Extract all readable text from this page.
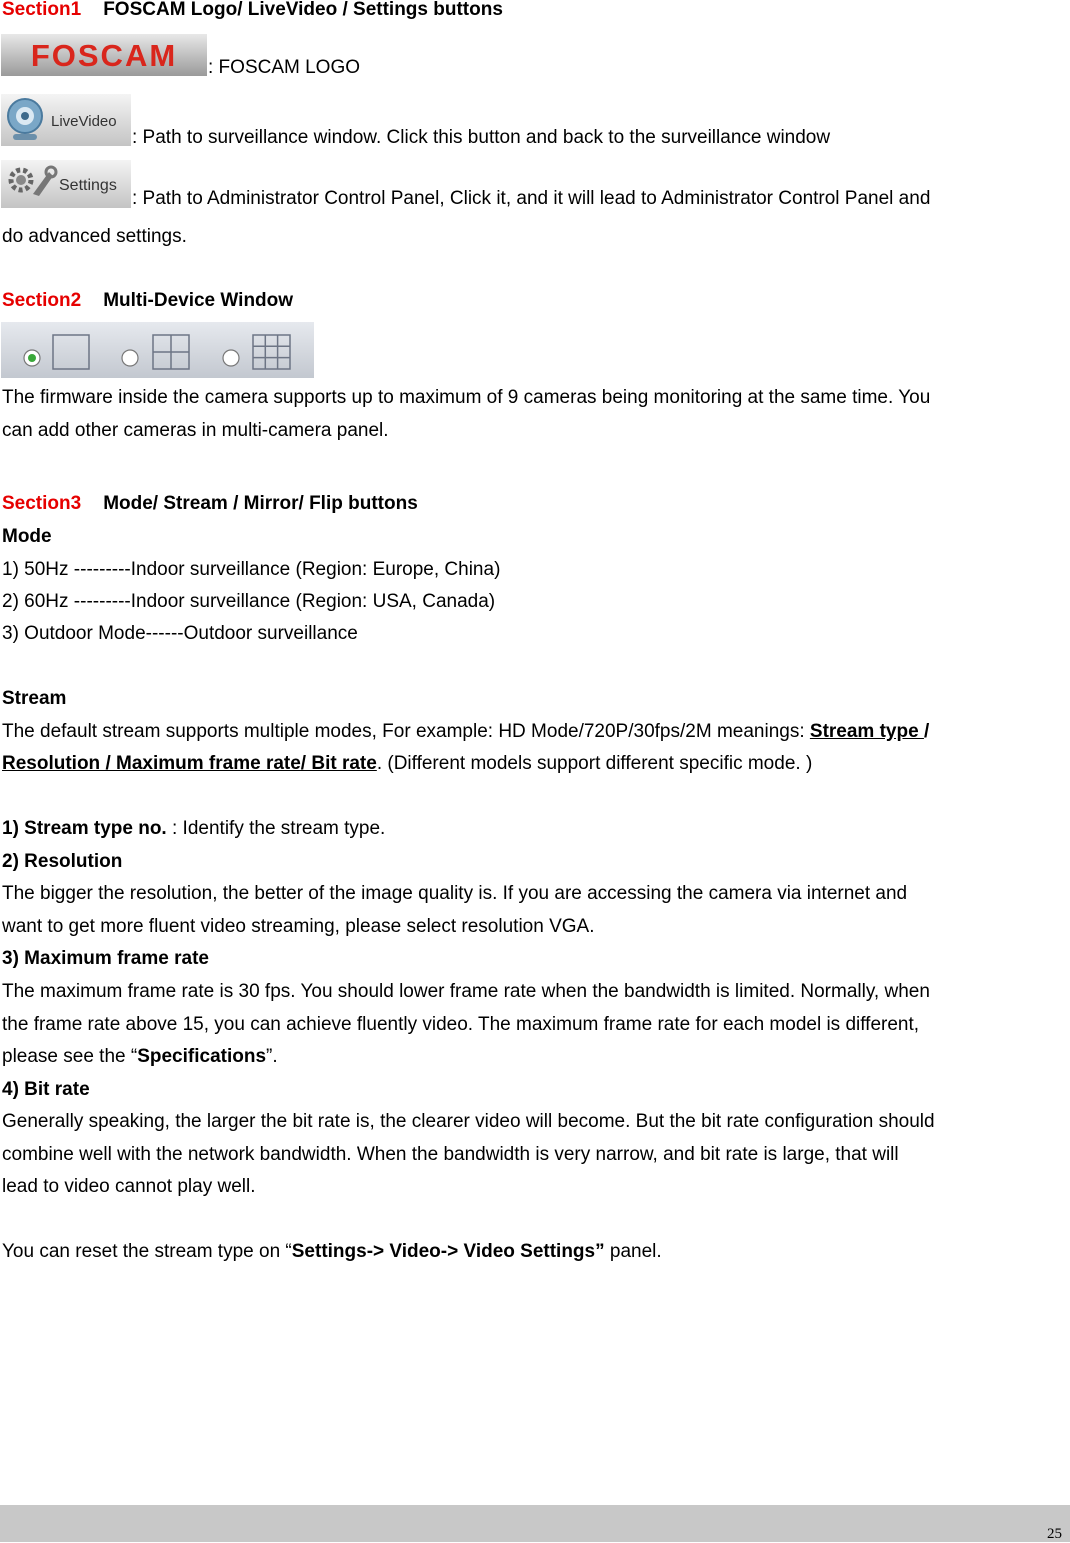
Section1 FOSCAM Logo/ LiveVideo / Settings buttons
FOSCAM : FOSCAM LOGO
LiveVideo
: Path to surveillance window. Click this button and back to the surveillance window
Settings
: Path to Administrator Control Panel, Click it, and it will lead to Administrator Control Panel and
do advanced settings.
Section2 Multi-Device Window
The firmware inside the camera supports up to maximum of 9 cameras being monitoring at the same time. You
can add other cameras in multi-camera panel.
Section3 Mode/ Stream / Mirror/ Flip buttons
Mode
1) 50Hz ---------Indoor surveillance (Region: Europe, China)
2) 60Hz ---------Indoor surveillance (Region: USA, Canada)
3) Outdoor Mode------Outdoor surveillance
Stream
The default stream supports multiple modes, For example: HD Mode/720P/30fps/2M meanings: Stream type /
Resolution / Maximum frame rate/ Bit rate. (Different models support different specific mode. )
1) Stream type no. : Identify the stream type.
2) Resolution
The bigger the resolution, the better of the image quality is. If you are accessing the camera via internet and
want to get more fluent video streaming, please select resolution VGA.
3) Maximum frame rate
The maximum frame rate is 30 fps. You should lower frame rate when the bandwidth is limited. Normally, when
the frame rate above 15, you can achieve fluently video. The maximum frame rate for each model is different,
please see the “Specifications”.
4) Bit rate
Generally speaking, the larger the bit rate is, the clearer video will become. But the bit rate configuration should
combine well with the network bandwidth. When the bandwidth is very narrow, and bit rate is large, that will
lead to video cannot play well.
You can reset the stream type on “Settings-> Video-> Video Settings” panel.
25
